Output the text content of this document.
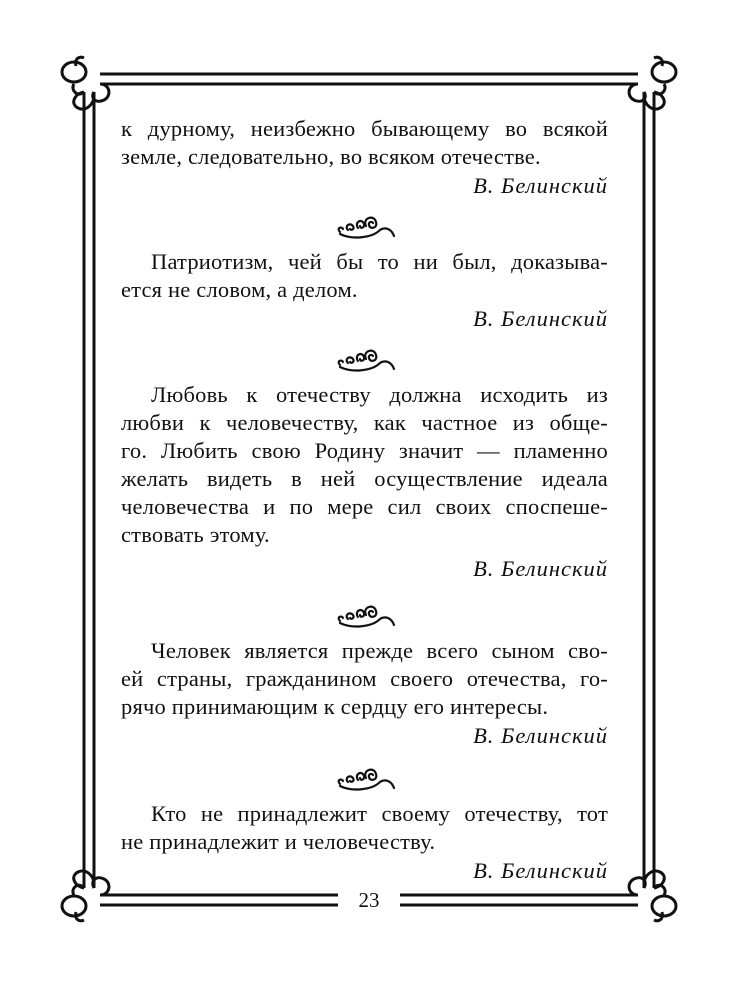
к дурному, неизбежно бывающему во всякой
земле, следовательно, во всяком отечестве.
В. Белинский
Патриотизм, чей бы то ни был, доказыва-
ется не словом, а делом.
В. Белинский
Любовь к отечеству должна исходить из
любви к человечеству, как частное из обще-
го. Любить свою Родину значит — пламенно
желать видеть в ней осуществление идеала
человечества и по мере сил своих споспеше-
ствовать этому.
В. Белинский
Человек является прежде всего сыном сво-
ей страны, гражданином своего отечества, го-
рячо принимающим к сердцу его интересы.
В. Белинский
Кто не принадлежит своему отечеству, тот
не принадлежит и человечеству.
В. Белинский
23
